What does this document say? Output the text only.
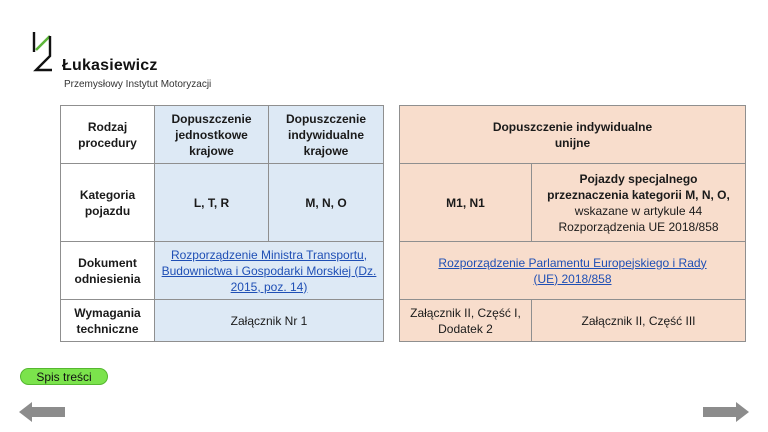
Łukasiewicz
Przemysłowy Instytut Motoryzacji
Rodzaj procedury	Dopuszczenie jednostkowe krajowe	Dopuszczenie indywidualne krajowe
Kategoria pojazdu	L, T, R	M, N, O
Dokument odniesienia	Rozporządzenie Ministra Transportu, Budownictwa i Gospodarki Morskiej (Dz. 2015, poz. 14)	
Wymagania techniczne	Załącznik Nr 1	
Dopuszczenie indywidualne unijne	

M1, N1	Pojazdy specjalnego przeznaczenia kategorii M, N, O,
wskazane w artykule 44 Rozporządzenia UE 2018/858

Rozporządzenie Parlamentu Europejskiego i Rady (UE) 2018/858	

Załącznik II, Część I, Dodatek 2	Załącznik II, Część III
Spis treści
